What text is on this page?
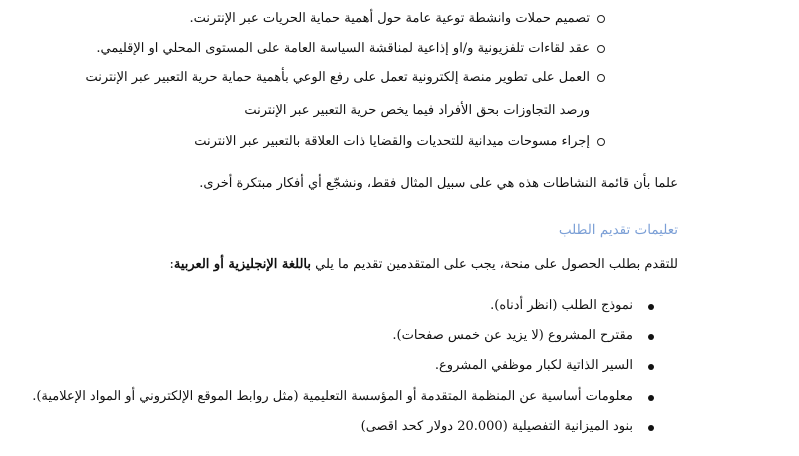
تصميم حملات وانشطة توعية عامة حول أهمية حماية الحريات عبر الإنترنت.
عقد لقاءات تلفزيونية و/او إذاعية لمناقشة السياسة العامة على المستوى المحلي او الإقليمي.
العمل على تطوير منصة إلكترونية تعمل على رفع الوعي بأهمية حماية حرية التعبير عبر الإنترنت
ورصد التجاوزات بحق الأفراد فيما يخص حرية التعبير عبر الإنترنت
إجراء مسوحات ميدانية للتحديات والقضايا ذات العلاقة بالتعبير عبر الانترنت
علما بأن قائمة النشاطات هذه هي على سبيل المثال فقط، ونشجّع أي أفكار مبتكرة أخرى.
تعليمات تقديم الطلب
للتقدم بطلب الحصول على منحة، يجب على المتقدمين تقديم ما يلي باللغة الإنجليزية أو العربية:
نموذج الطلب (انظر أدناه).
مقترح المشروع (لا يزيد عن خمس صفحات).
السير الذاتية لكبار موظفي المشروع.
معلومات أساسية عن المنظمة المتقدمة أو المؤسسة التعليمية (مثل روابط الموقع الإلكتروني أو المواد الإعلامية).
بنود الميزانية التفصيلية (20.000 دولار كحد اقصى)
